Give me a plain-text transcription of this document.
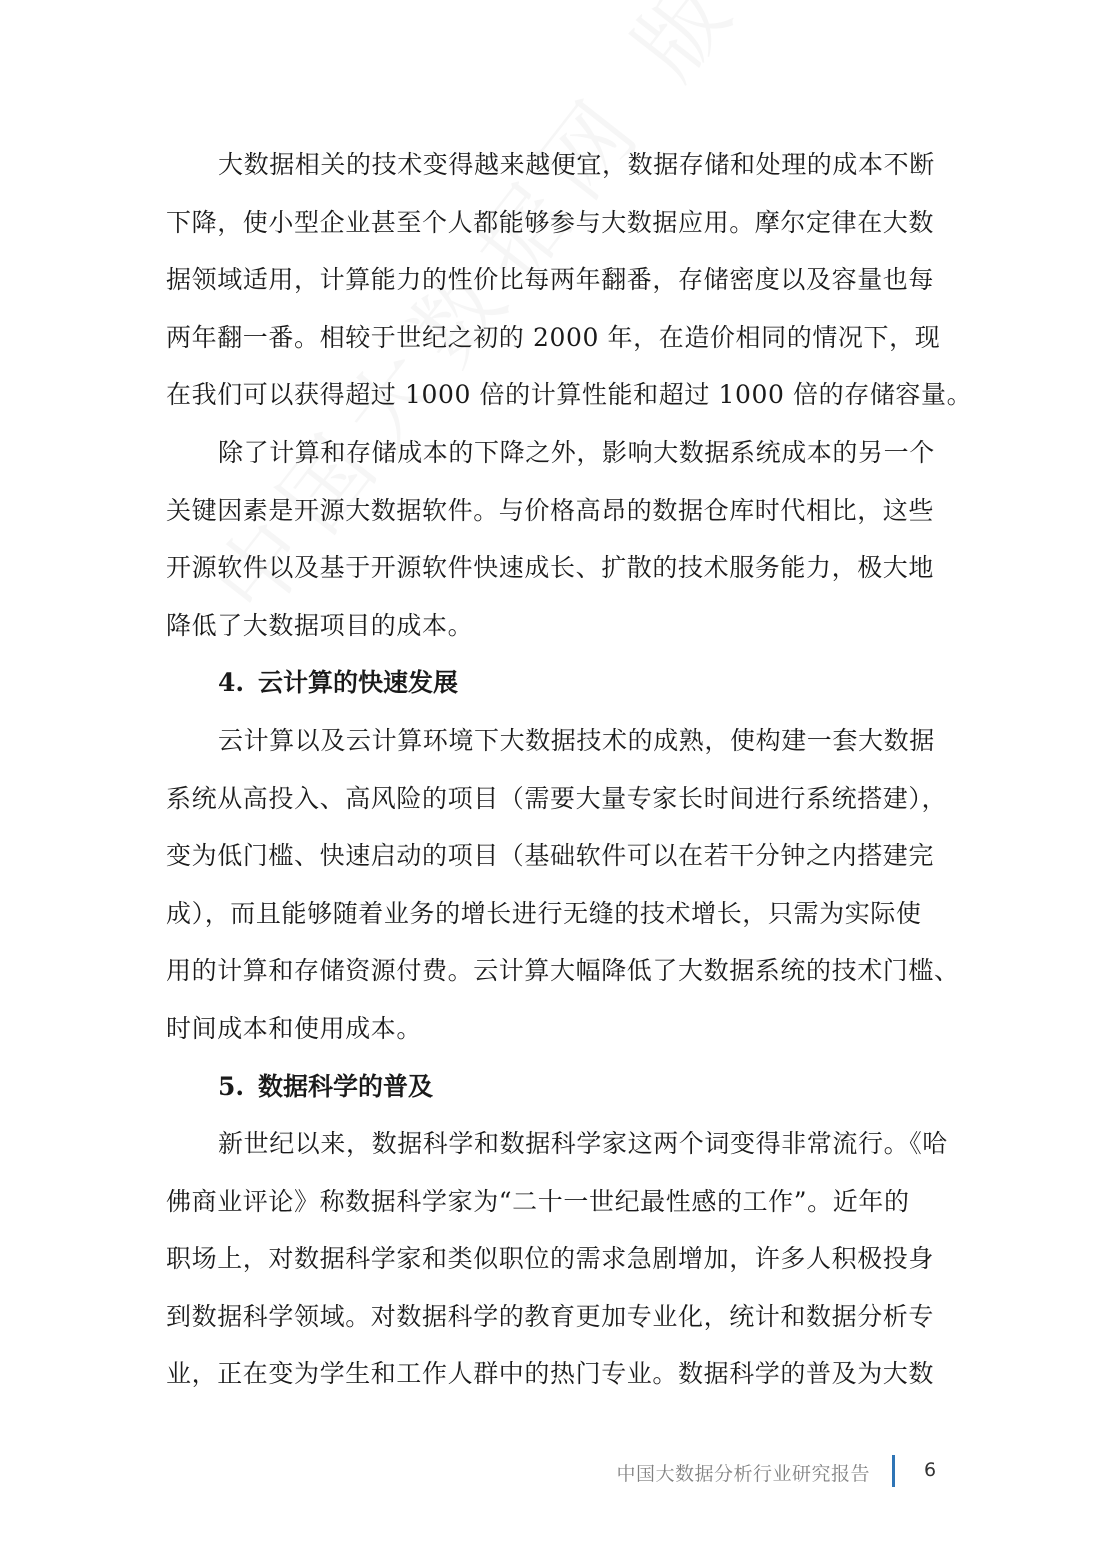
大数据相关的技术变得越来越便宜，数据存储和处理的成本不断
下降，使小型企业甚至个人都能够参与大数据应用。摩尔定律在大数
据领域适用，计算能力的性价比每两年翻番，存储密度以及容量也每
两年翻一番。相较于世纪之初的 2000 年，在造价相同的情况下，现
在我们可以获得超过 1000 倍的计算性能和超过 1000 倍的存储容量。

除了计算和存储成本的下降之外，影响大数据系统成本的另一个
关键因素是开源大数据软件。与价格高昂的数据仓库时代相比，这些
开源软件以及基于开源软件快速成长、扩散的技术服务能力，极大地
降低了大数据项目的成本。

4. 云计算的快速发展

云计算以及云计算环境下大数据技术的成熟，使构建一套大数据
系统从高投入、高风险的项目（需要大量专家长时间进行系统搭建），
变为低门槛、快速启动的项目（基础软件可以在若干分钟之内搭建完
成），而且能够随着业务的增长进行无缝的技术增长，只需为实际使
用的计算和存储资源付费。云计算大幅降低了大数据系统的技术门槛、
时间成本和使用成本。

5. 数据科学的普及

新世纪以来，数据科学和数据科学家这两个词变得非常流行。《哈
佛商业评论》称数据科学家为“二十一世纪最性感的工作”。近年的
职场上，对数据科学家和类似职位的需求急剧增加，许多人积极投身
到数据科学领域。对数据科学的教育更加专业化，统计和数据分析专
业，正在变为学生和工作人群中的热门专业。数据科学的普及为大数

中国大数据分析行业研究报告	6
